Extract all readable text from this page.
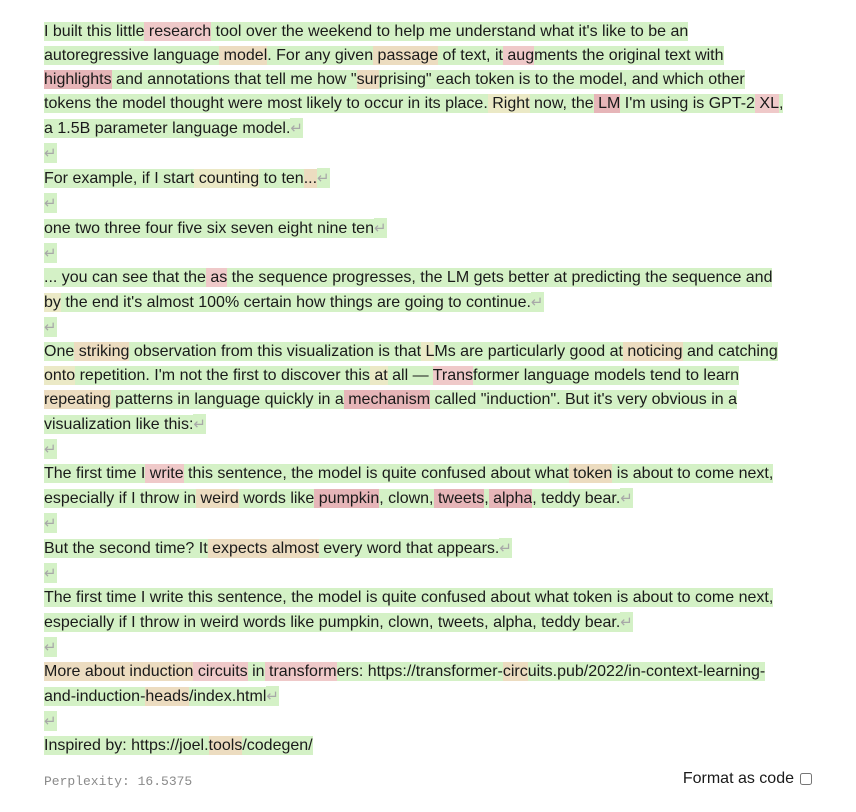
I built this little research tool over the weekend to help me understand what it's like to be an autoregressive language model. For any given passage of text, it augments the original text with highlights and annotations that tell me how "surprising" each token is to the model, and which other tokens the model thought were most likely to occur in its place. Right now, the LM I'm using is GPT-2 XL, a 1.5B parameter language model.↵

↵

For example, if I start counting to ten...↵

↵

one two three four five six seven eight nine ten↵

↵

... you can see that the as the sequence progresses, the LM gets better at predicting the sequence and by the end it's almost 100% certain how things are going to continue.↵

↵

One striking observation from this visualization is that LMs are particularly good at noticing and catching onto repetition. I'm not the first to discover this at all — Transformer language models tend to learn repeating patterns in language quickly in a mechanism called "induction". But it's very obvious in a visualization like this:↵

↵

The first time I write this sentence, the model is quite confused about what token is about to come next, especially if I throw in weird words like pumpkin, clown, tweets, alpha, teddy bear.↵

↵

But the second time? It expects almost every word that appears.↵

↵

The first time I write this sentence, the model is quite confused about what token is about to come next, especially if I throw in weird words like pumpkin, clown, tweets, alpha, teddy bear.↵

↵

More about induction circuits in transformers: https://transformer-circuits.pub/2022/in-context-learning-and-induction-heads/index.html↵

↵

Inspired by: https://joel.tools/codegen/

Perplexity: 16.5375	Format as code
